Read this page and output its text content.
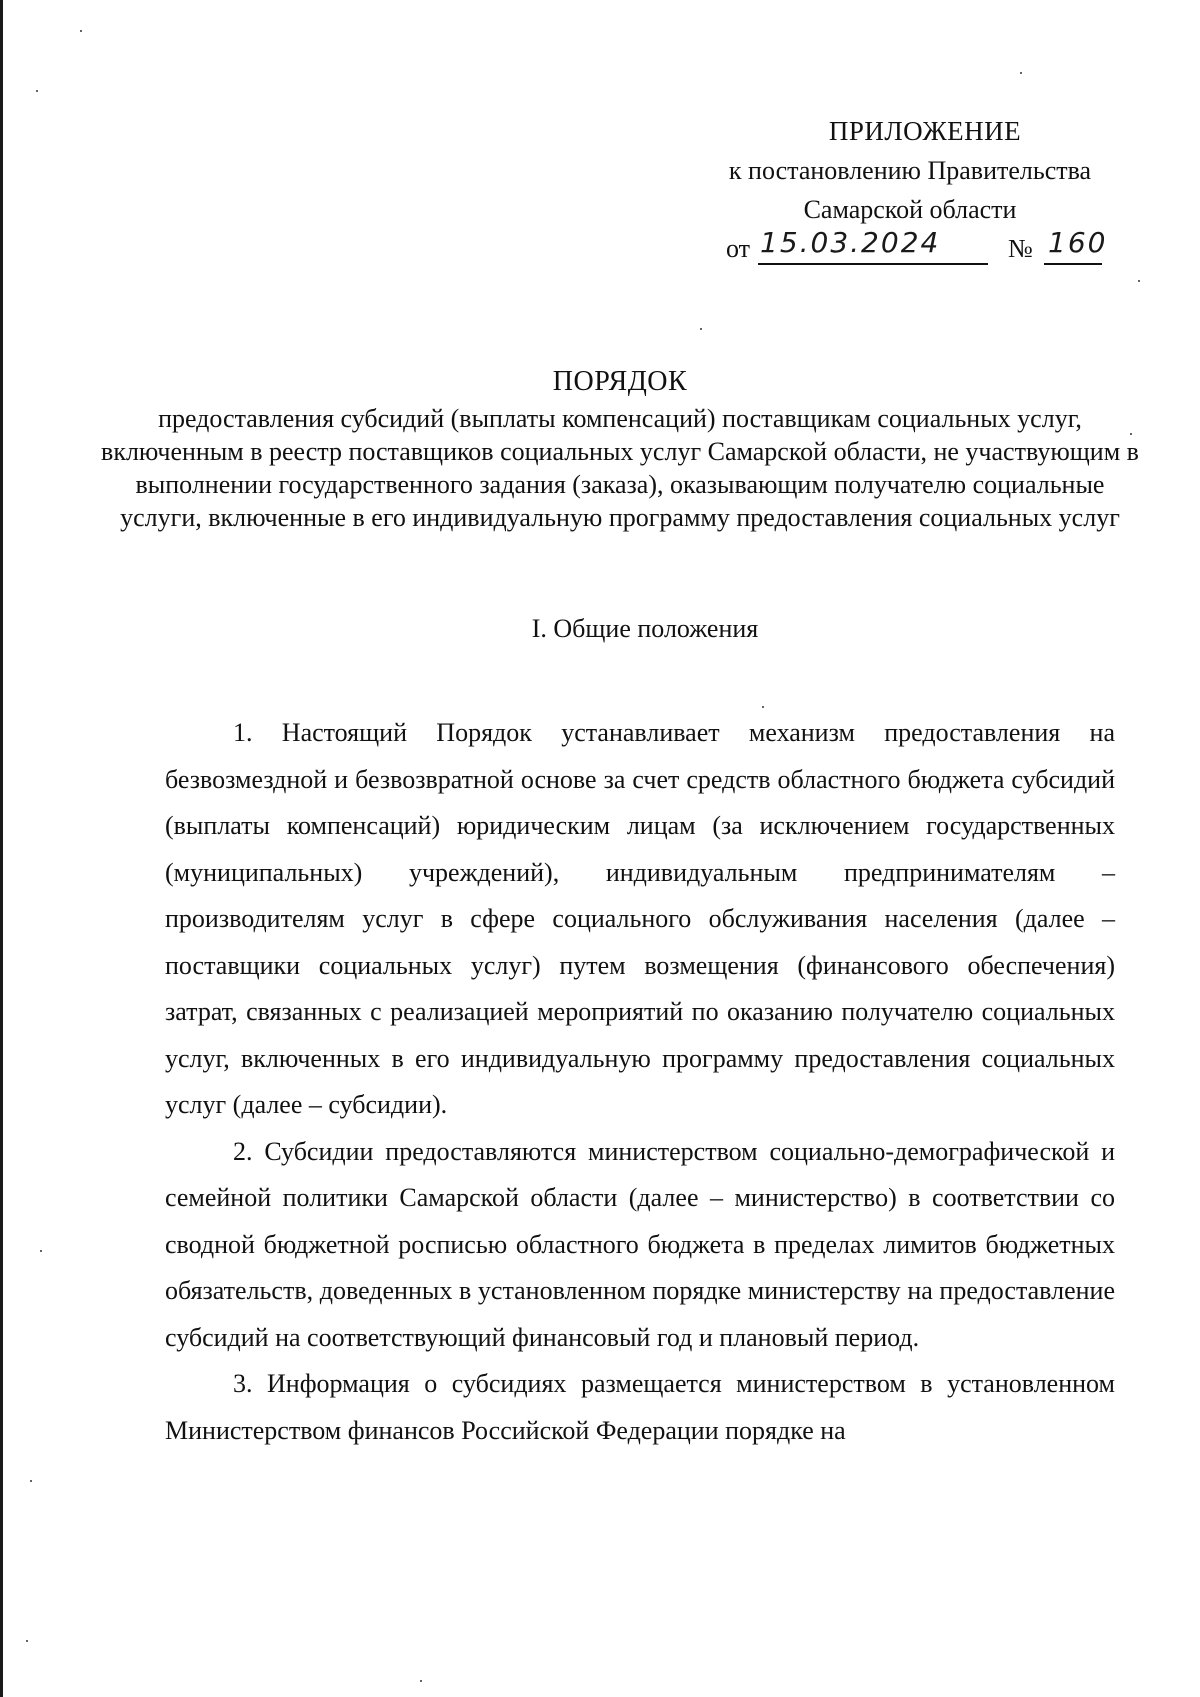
ПРИЛОЖЕНИЕ
к постановлению Правительства
Самарской области
от 15.03.2024	№ 160
ПОРЯДОК
предоставления субсидий (выплаты компенсаций) поставщикам социальных услуг, включенным в реестр поставщиков социальных услуг Самарской области, не участвующим в выполнении государственного задания (заказа), оказывающим получателю социальные услуги, включенные в его индивидуальную программу предоставления социальных услуг
I. Общие положения

1. Настоящий Порядок устанавливает механизм предоставления на безвозмездной и безвозвратной основе за счет средств областного бюджета субсидий (выплаты компенсаций) юридическим лицам (за исключением государственных (муниципальных) учреждений), индивидуальным предпринимателям – производителям услуг в сфере социального обслуживания населения (далее – поставщики социальных услуг) путем возмещения (финансового обеспечения) затрат, связанных с реализацией мероприятий по оказанию получателю социальных услуг, включенных в его индивидуальную программу предоставления социальных услуг (далее – субсидии).

2. Субсидии предоставляются министерством социально-демографической и семейной политики Самарской области (далее – министерство) в соответствии со сводной бюджетной росписью областного бюджета в пределах лимитов бюджетных обязательств, доведенных в установленном порядке министерству на предоставление субсидий на соответствующий финансовый год и плановый период.

3. Информация о субсидиях размещается министерством в установленном Министерством финансов Российской Федерации порядке на
